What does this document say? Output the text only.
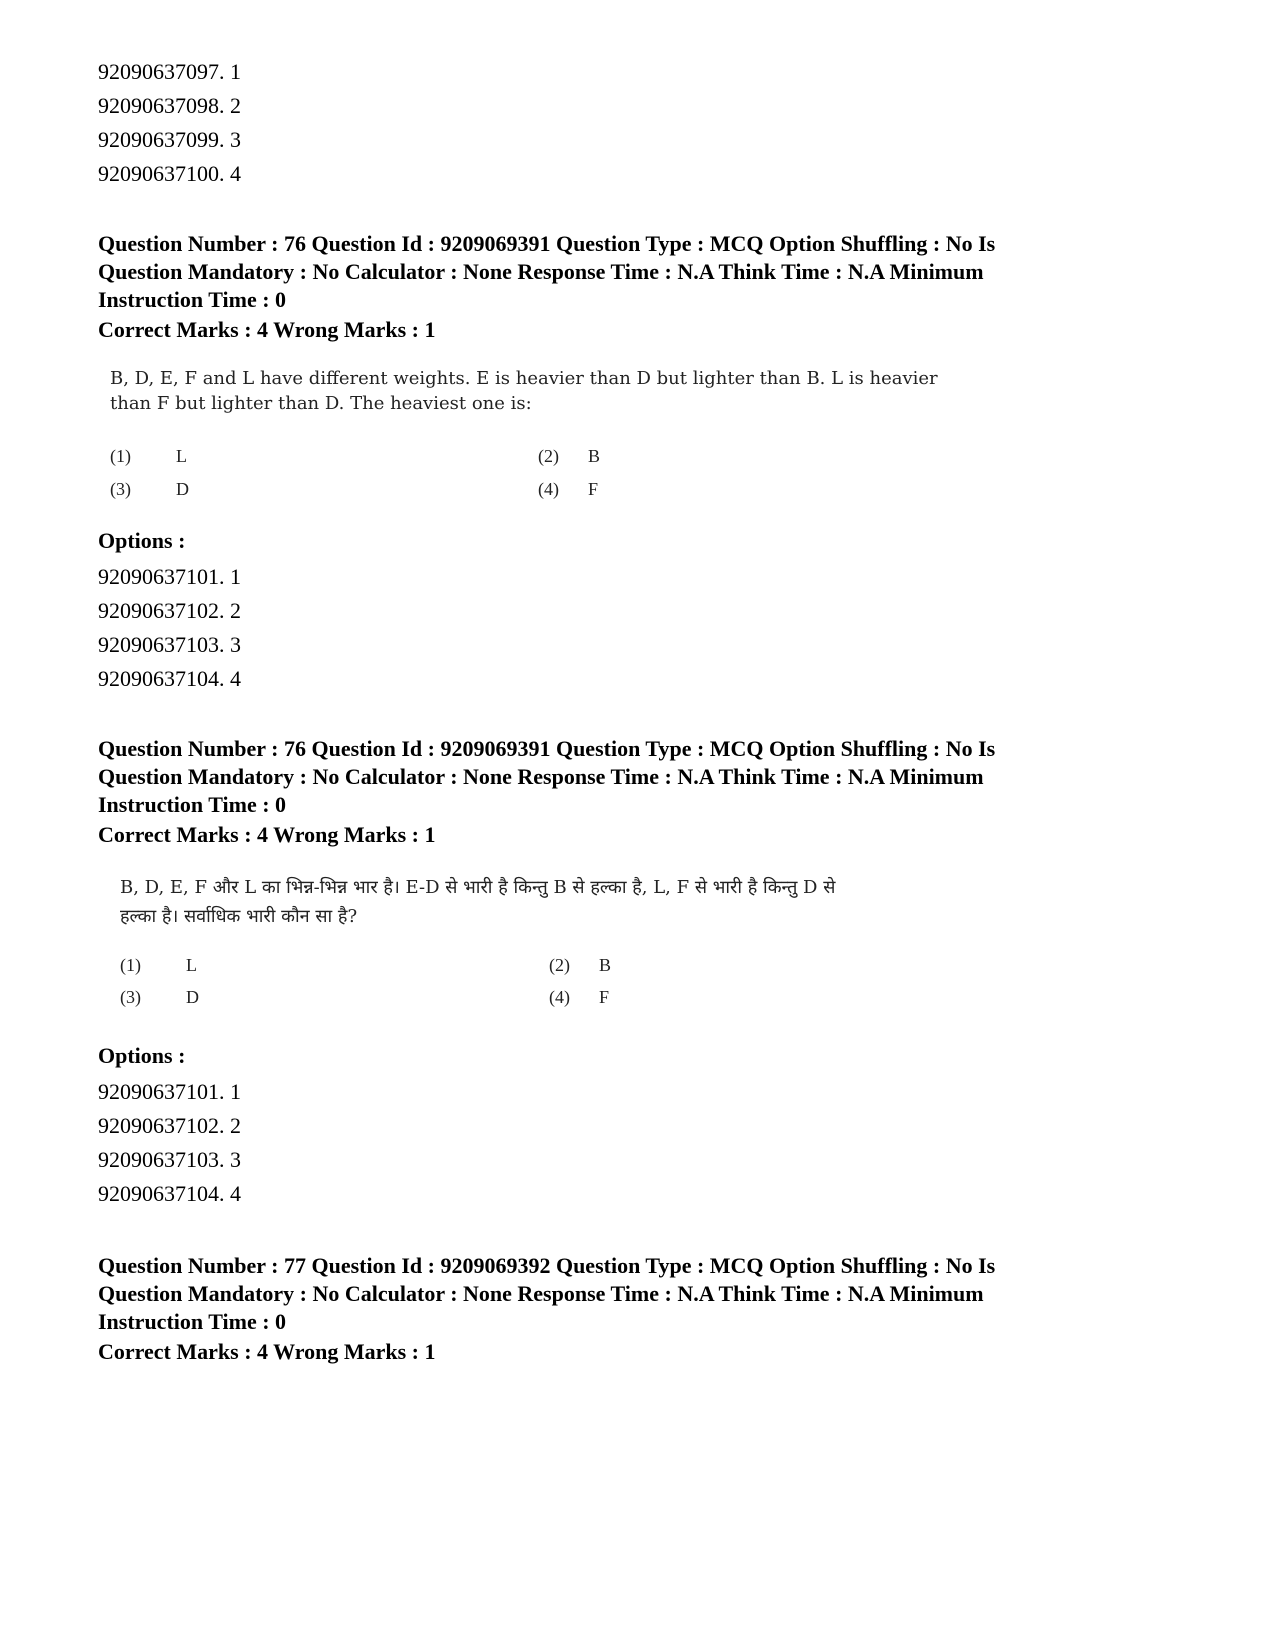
92090637097. 1
92090637098. 2
92090637099. 3
92090637100. 4
Question Number : 76 Question Id : 9209069391 Question Type : MCQ Option Shuffling : No Is
Question Mandatory : No Calculator : None Response Time : N.A Think Time : N.A Minimum
Instruction Time : 0
Correct Marks : 4 Wrong Marks : 1
B, D, E, F and L have different weights. E is heavier than D but lighter than B. L is heavier
than F but lighter than D. The heaviest one is:
(1)	L	(2) B
(3)	D	(4) F
Options :
92090637101. 1
92090637102. 2
92090637103. 3
92090637104. 4
Question Number : 76 Question Id : 9209069391 Question Type : MCQ Option Shuffling : No Is
Question Mandatory : No Calculator : None Response Time : N.A Think Time : N.A Minimum
Instruction Time : 0
Correct Marks : 4 Wrong Marks : 1
B, D, E, F और L का भिन्न-भिन्न भार है। E-D से भारी है किन्तु B से हल्का है, L, F से भारी है किन्तु D से
हल्का है। सर्वाधिक भारी कौन सा है?
(1)	L	(2) B
(3)	D	(4) F
Options :
92090637101. 1
92090637102. 2
92090637103. 3
92090637104. 4
Question Number : 77 Question Id : 9209069392 Question Type : MCQ Option Shuffling : No Is
Question Mandatory : No Calculator : None Response Time : N.A Think Time : N.A Minimum
Instruction Time : 0
Correct Marks : 4 Wrong Marks : 1
